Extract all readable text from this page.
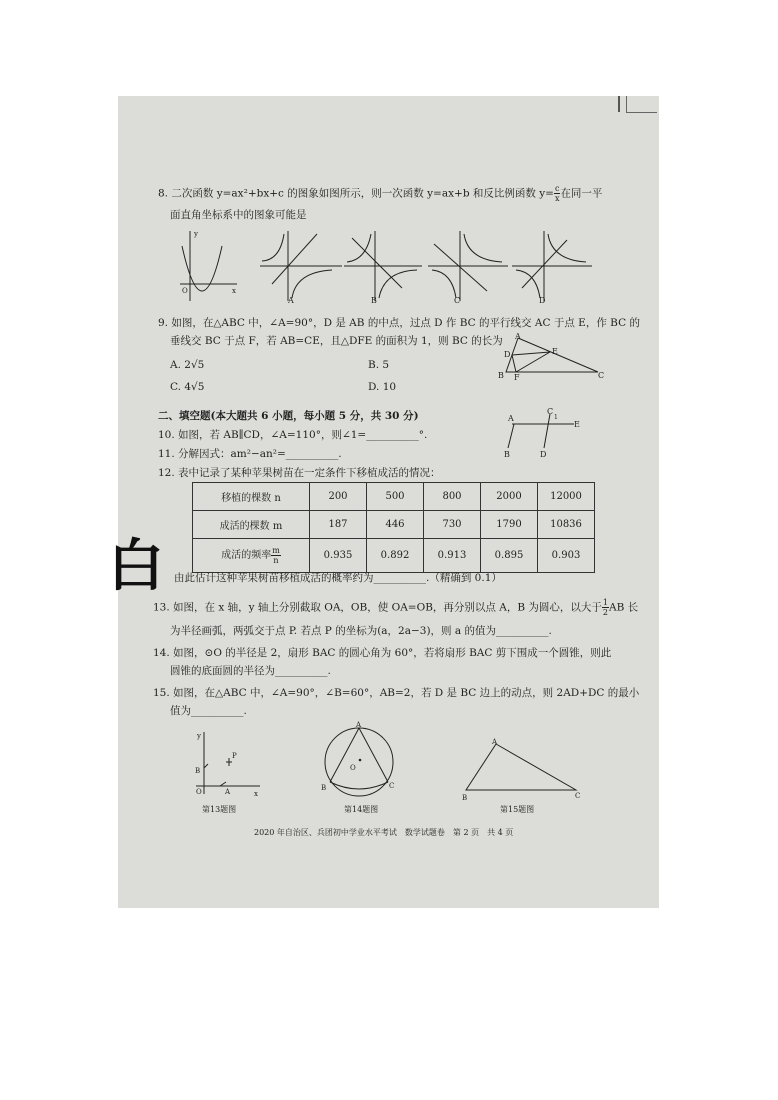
8. 二次函数 y=ax²+bx+c 的图象如图所示，则一次函数 y=ax+b 和反比例函数 $y= \frac{c}{x}$ 在同一平
面直角坐标系中的图象可能是
y
O	x
A	B	C	D
9. 如图，在△ABC 中，∠A=90°，D 是 AB 的中点，过点 D 作 BC 的平行线交 AC 于点 E，作 BC 的
垂线交 BC 于点 F，若 AB=CE，且△DFE 的面积为 1，则 BC 的长为
A. 2√5	B. 5
C. 4√5	D. 10
A
D	E
B F	C
二、填空题(本大题共 6 小题，每小题 5 分，共 30 分)
10. 如图，若 AB∥CD，∠A=110°，则∠1=__________°.
A
C
1
E
B	D
11. 分解因式：am²−an²=__________.
12. 表中记录了某种苹果树苗在一定条件下移植成活的情况：
移植的棵数 n	200	500	800	2000	12000
成活的棵数 m	187	446	730	1790	10836
成活的频率 $\frac{m}{n}$	0.935	0.892	0.913	0.895	0.903
由此估计这种苹果树苗移植成活的概率约为__________.（精确到 0.1）
白
13. 如图，在 x 轴，y 轴上分别截取 OA，OB，使 OA=OB，再分别以点 A，B 为圆心，以大于 $\frac{1}{2}$ AB 长
为半径画弧，两弧交于点 P. 若点 P 的坐标为(a，2a−3)，则 a 的值为__________.
14. 如图，⊙O 的半径是 2，扇形 BAC 的圆心角为 60°，若将扇形 BAC 剪下围成一个圆锥，则此
圆锥的底面圆的半径为__________.
15. 如图，在△ABC 中，∠A=90°，∠B=60°，AB=2，若 D 是 BC 边上的动点，则 2AD+DC 的最小
值为__________.
y
x
O	A
B
P
A
B	C
O
A
B	C
第13题图	第14题图	第15题图
2020 年自治区、兵团初中学业水平考试　数学试题卷　第 2 页　共 4 页
